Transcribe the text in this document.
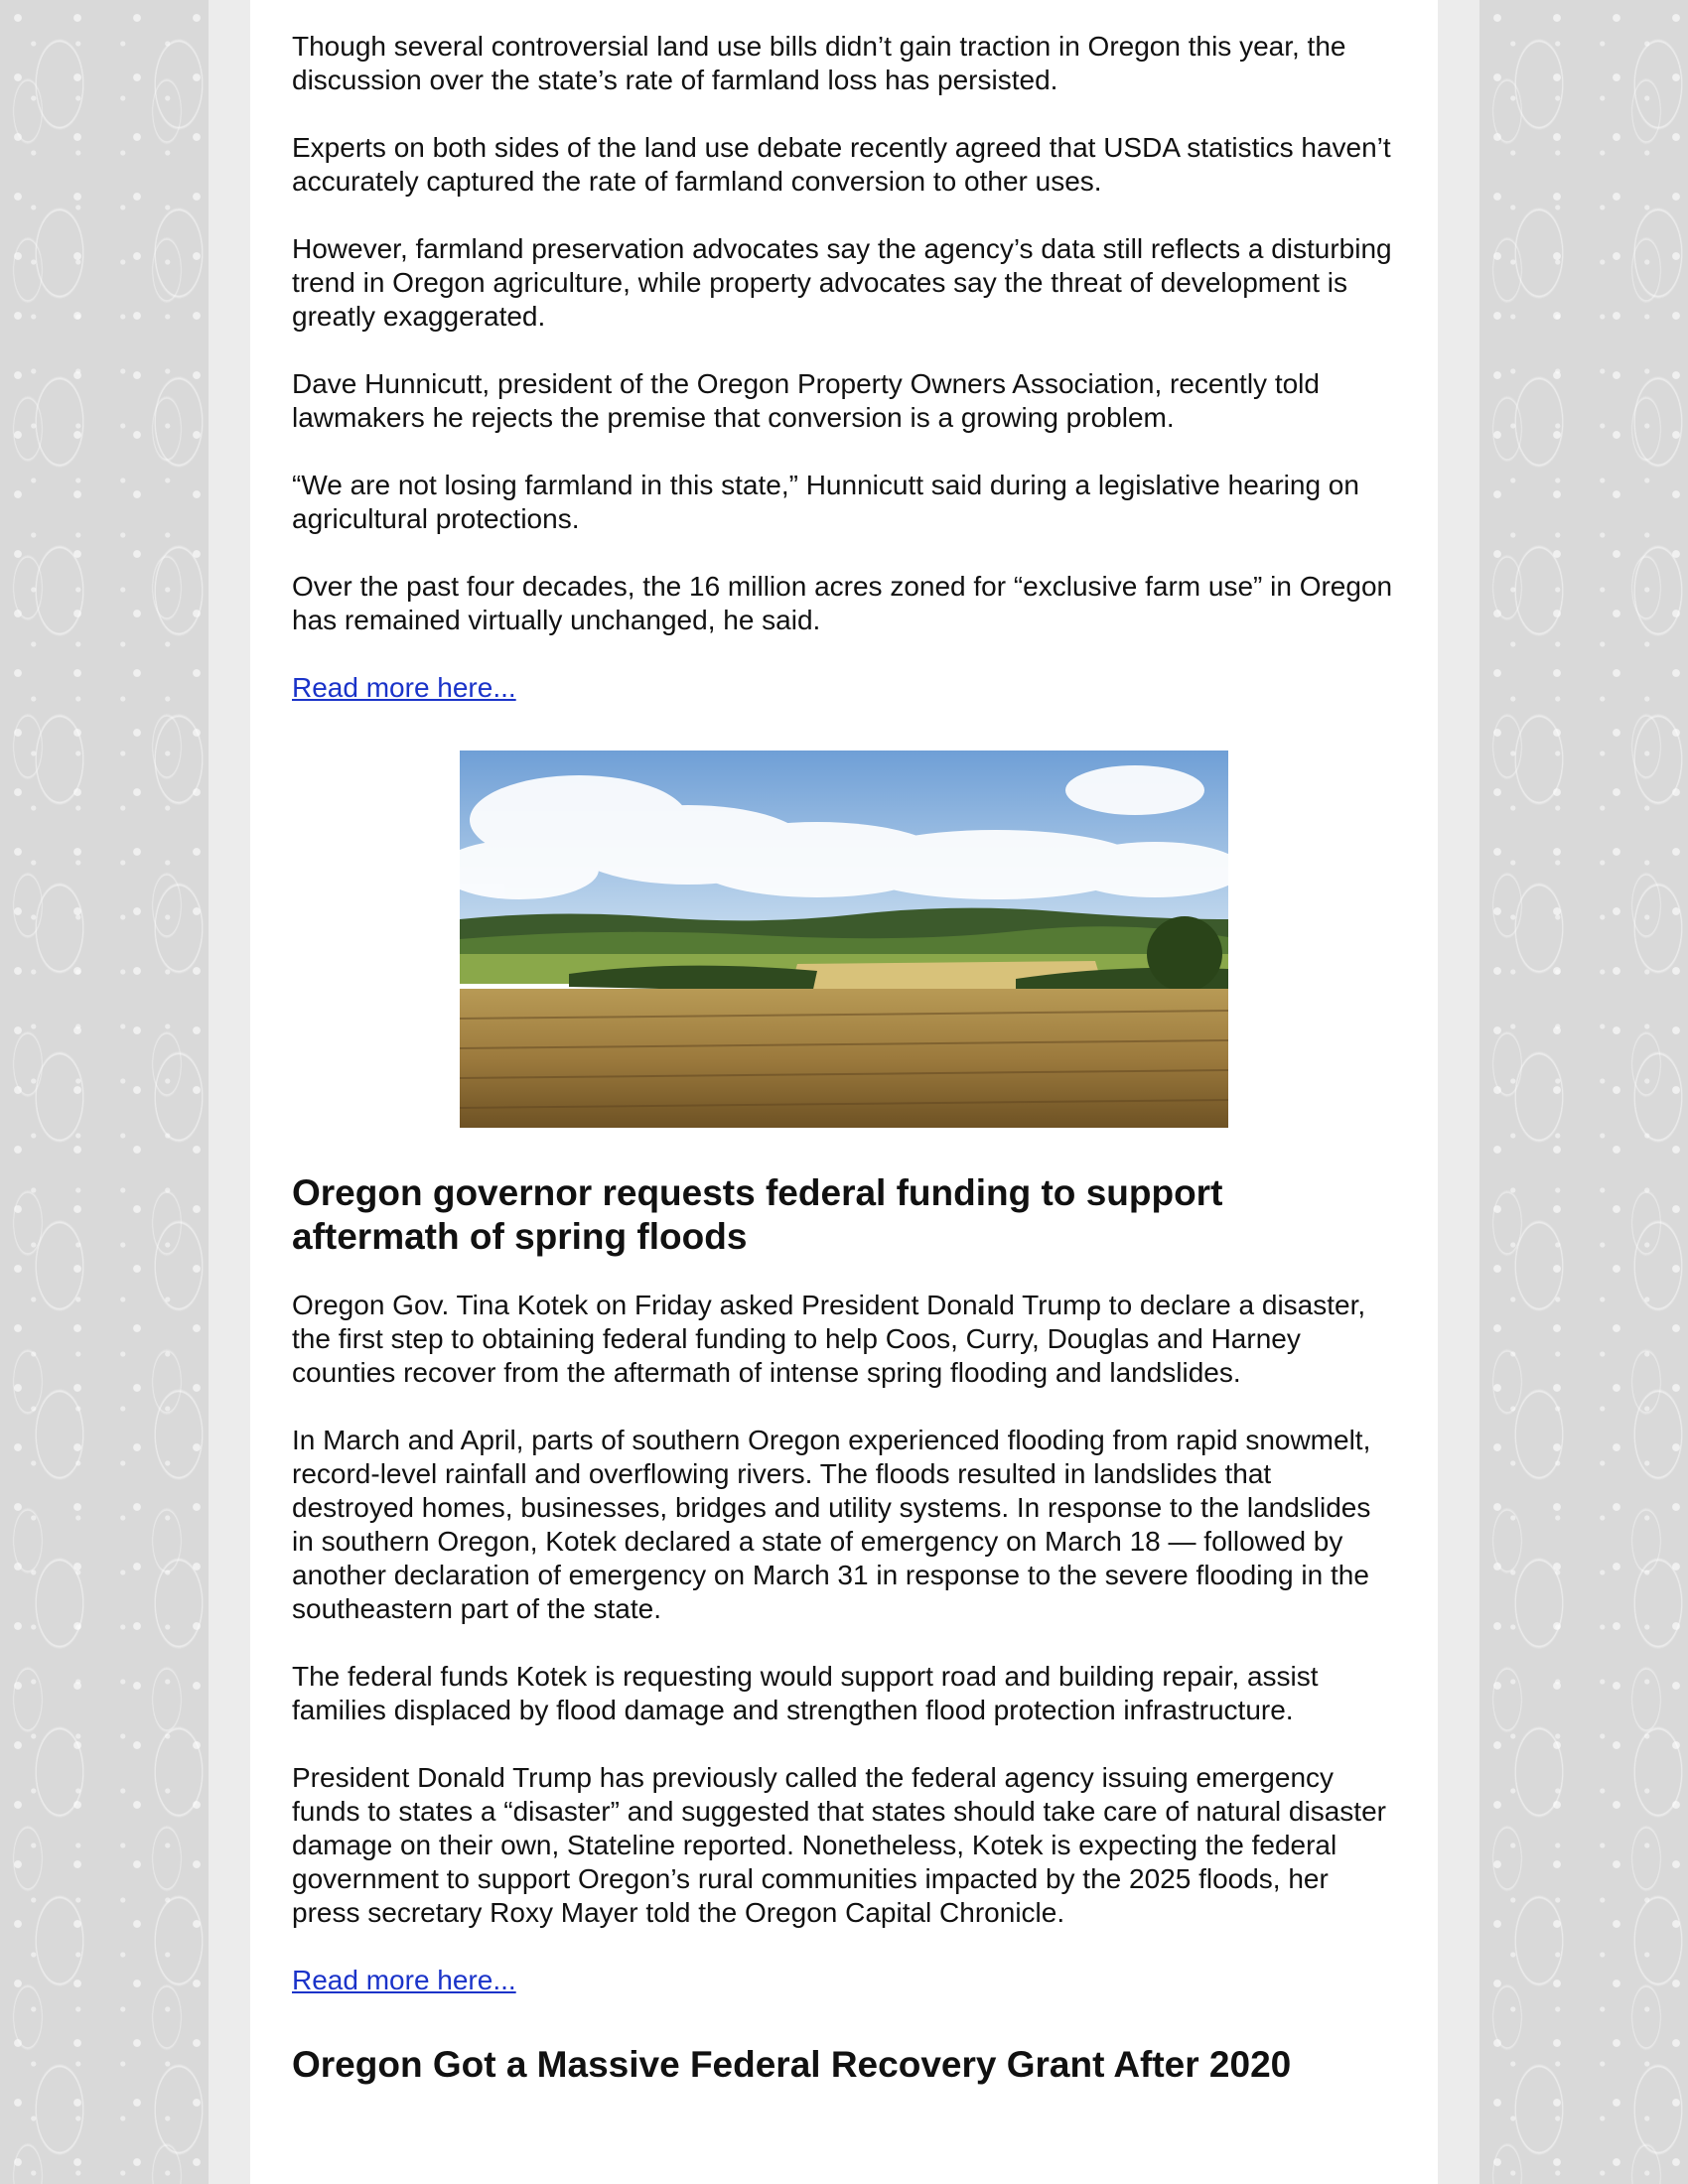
Though several controversial land use bills didn’t gain traction in Oregon this year, the discussion over the state’s rate of farmland loss has persisted.

Experts on both sides of the land use debate recently agreed that USDA statistics haven’t accurately captured the rate of farmland conversion to other uses.

However, farmland preservation advocates say the agency’s data still reflects a disturbing trend in Oregon agriculture, while property advocates say the threat of development is greatly exaggerated.

Dave Hunnicutt, president of the Oregon Property Owners Association, recently told lawmakers he rejects the premise that conversion is a growing problem.

“We are not losing farmland in this state,” Hunnicutt said during a legislative hearing on agricultural protections.

Over the past four decades, the 16 million acres zoned for “exclusive farm use” in Oregon has remained virtually unchanged, he said.

Read more here...
Oregon governor requests federal funding to support aftermath of spring floods

Oregon Gov. Tina Kotek on Friday asked President Donald Trump to declare a disaster, the first step to obtaining federal funding to help Coos, Curry, Douglas and Harney counties recover from the aftermath of intense spring flooding and landslides.

In March and April, parts of southern Oregon experienced flooding from rapid snowmelt, record-level rainfall and overflowing rivers. The floods resulted in landslides that destroyed homes, businesses, bridges and utility systems. In response to the landslides in southern Oregon, Kotek declared a state of emergency on March 18 — followed by another declaration of emergency on March 31 in response to the severe flooding in the southeastern part of the state.

The federal funds Kotek is requesting would support road and building repair, assist families displaced by flood damage and strengthen flood protection infrastructure.

President Donald Trump has previously called the federal agency issuing emergency funds to states a “disaster” and suggested that states should take care of natural disaster damage on their own, Stateline reported. Nonetheless, Kotek is expecting the federal government to support Oregon’s rural communities impacted by the 2025 floods, her press secretary Roxy Mayer told the Oregon Capital Chronicle.

Read more here...
Oregon Got a Massive Federal Recovery Grant After 2020
